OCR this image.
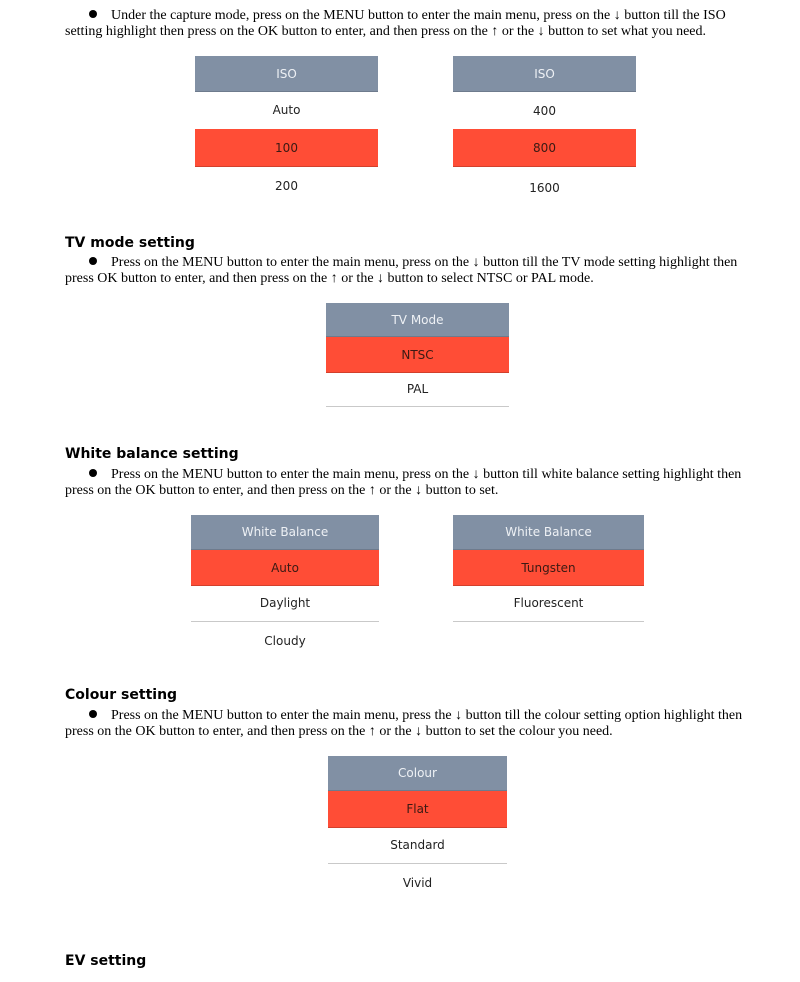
Under the capture mode, press on the MENU button to enter the main menu, press on the ↓ button till the ISO setting highlight then press on the OK button to enter, and then press on the ↑ or the ↓ button to set what you need.
ISO
Auto
100
200
ISO
400
800
1600
TV mode setting
Press on the MENU button to enter the main menu, press on the ↓ button till the TV mode setting highlight then press OK button to enter, and then press on the ↑ or the ↓ button to select NTSC or PAL mode.
TV Mode
NTSC
PAL
White balance setting
Press on the MENU button to enter the main menu, press on the ↓ button till white balance setting highlight then press on the OK button to enter, and then press on the ↑ or the ↓ button to set.
White Balance
Auto
Daylight
Cloudy
White Balance
Tungsten
Fluorescent
Colour setting
Press on the MENU button to enter the main menu, press the ↓ button till the colour setting option highlight then press on the OK button to enter, and then press on the ↑ or the ↓ button to set the colour you need.
Colour
Flat
Standard
Vivid
EV setting
